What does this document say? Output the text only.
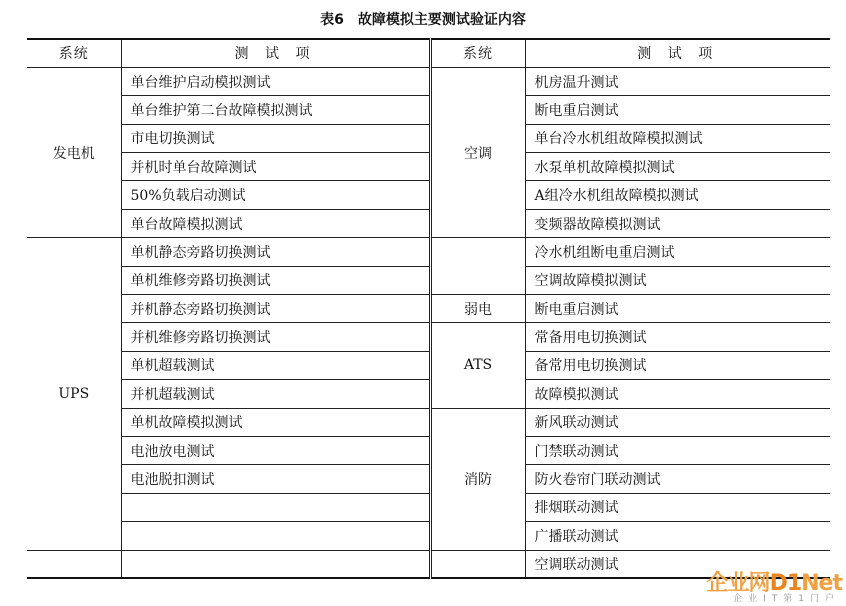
表6　故障模拟主要测试验证内容
系统	测 试 项	系统	测 试 项
发电机	单台维护启动模拟测试	空调	机房温升测试
	单台维护第二台故障模拟测试		断电重启测试
	市电切换测试		单台冷水机组故障模拟测试
	并机时单台故障测试		水泵单机故障模拟测试
	50%负载启动测试		A组冷水机组故障模拟测试
	单台故障模拟测试		变频器故障模拟测试
UPS	单机静态旁路切换测试		冷水机组断电重启测试
	单机维修旁路切换测试		空调故障模拟测试
	并机静态旁路切换测试	弱电	断电重启测试
	并机维修旁路切换测试	ATS	常备用电切换测试
	单机超载测试		备常用电切换测试
	并机超载测试		故障模拟测试
	单机故障模拟测试	消防	新风联动测试
	电池放电测试		门禁联动测试
	电池脱扣测试		防火卷帘门联动测试
			排烟联动测试
			广播联动测试
			空调联动测试
企业网D1Net
企业IT第1门户
